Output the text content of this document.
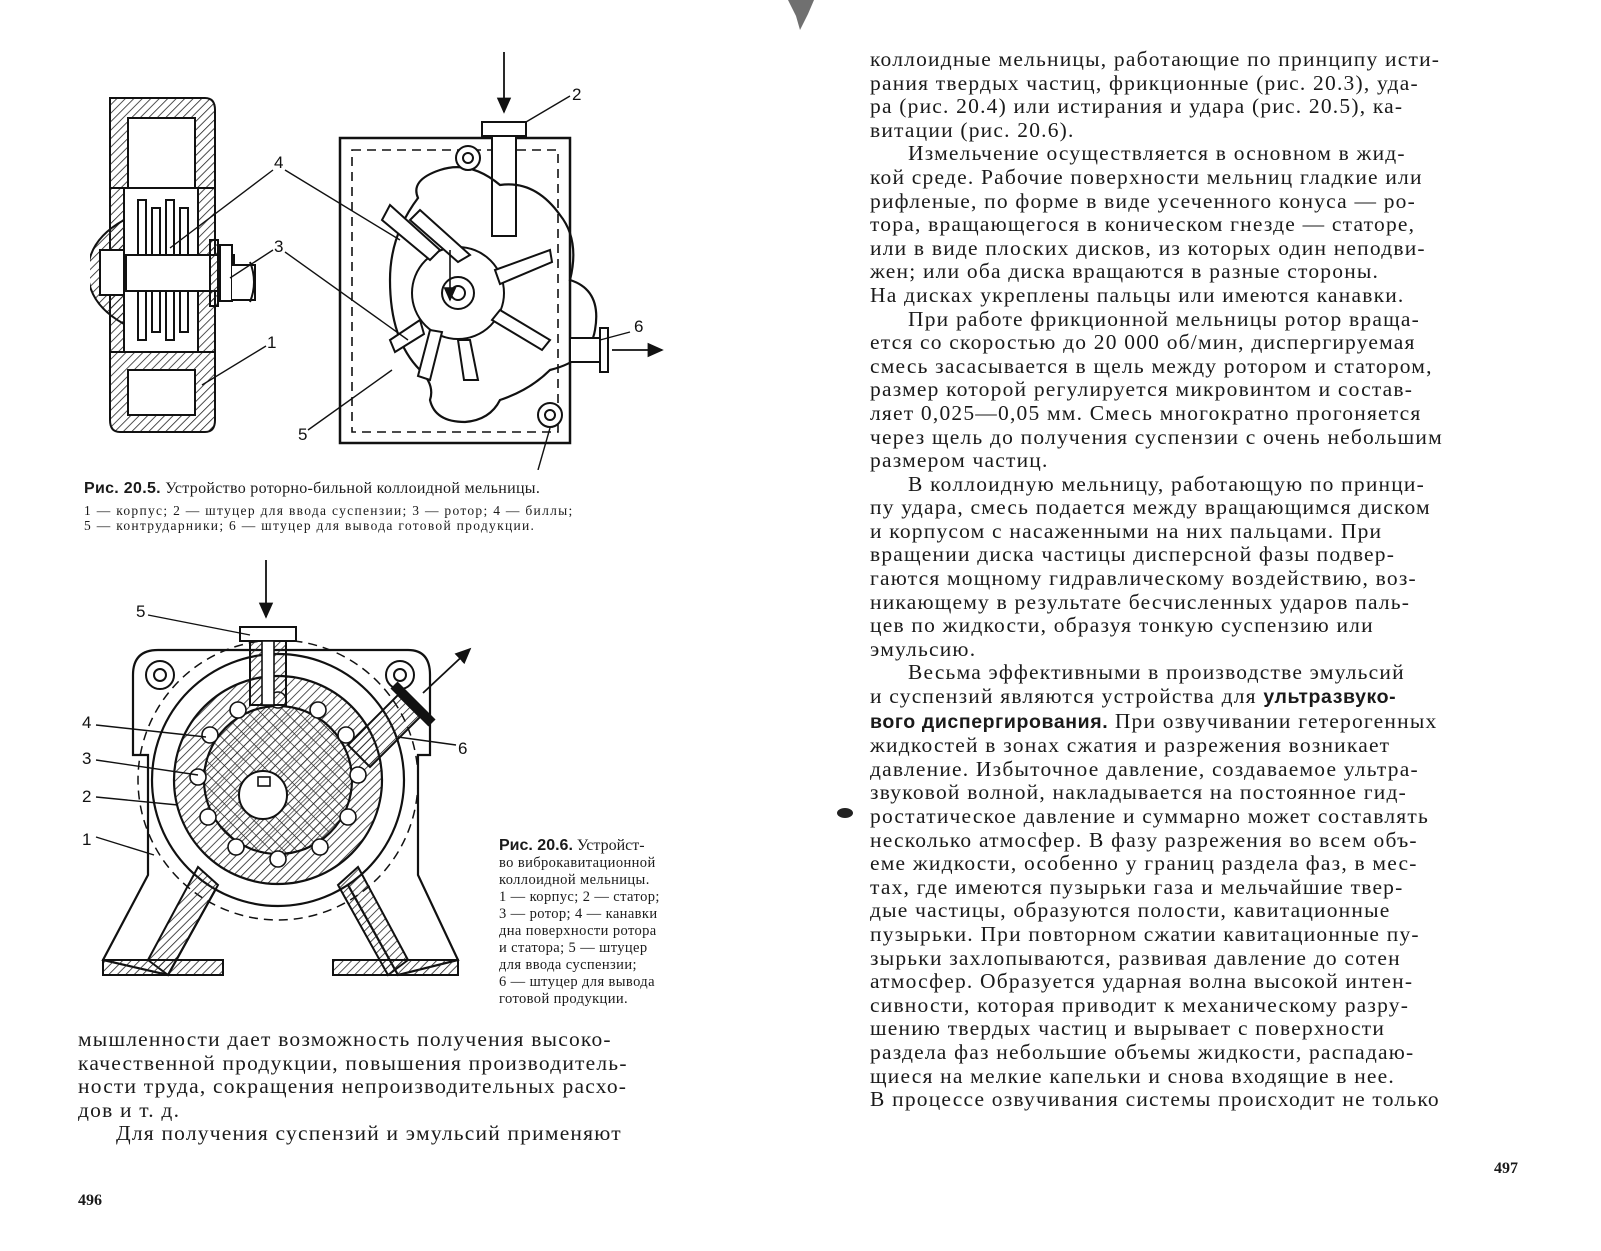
4
3
1
5
2
6
Рис. 20.5. Устройство роторно-бильной коллоидной мельницы.
1 — корпус; 2 — штуцер для ввода суспензии; 3 — ротор; 4 — биллы;
5 — контрударники; 6 — штуцер для вывода готовой продукции.
5
4
3
2
1
6
Рис. 20.6. Устройст-
во виброкавитационной
коллоидной мельницы.
1 — корпус; 2 — статор;
3 — ротор; 4 — канавки
дна поверхности ротора
и статора; 5 — штуцер
для ввода суспензии;
6 — штуцер для вывода
готовой продукции.
мышленности дает возможность получения высоко-
качественной продукции, повышения производитель-
ности труда, сокращения непроизводительных расхо-
дов и т. д.
Для получения суспензий и эмульсий применяют
496
коллоидные мельницы, работающие по принципу исти-
рания твердых частиц, фрикционные (рис. 20.3), уда-
ра (рис. 20.4) или истирания и удара (рис. 20.5), ка-
витации (рис. 20.6).
Измельчение осуществляется в основном в жид-
кой среде. Рабочие поверхности мельниц гладкие или
рифленые, по форме в виде усеченного конуса — ро-
тора, вращающегося в коническом гнезде — статоре,
или в виде плоских дисков, из которых один неподви-
жен; или оба диска вращаются в разные стороны.
На дисках укреплены пальцы или имеются канавки.
При работе фрикционной мельницы ротор враща-
ется со скоростью до 20 000 об/мин, диспергируемая
смесь засасывается в щель между ротором и статором,
размер которой регулируется микровинтом и состав-
ляет 0,025—0,05 мм. Смесь многократно прогоняется
через щель до получения суспензии с очень небольшим
размером частиц.
В коллоидную мельницу, работающую по принци-
пу удара, смесь подается между вращающимся диском
и корпусом с насаженными на них пальцами. При
вращении диска частицы дисперсной фазы подвер-
гаются мощному гидравлическому воздействию, воз-
никающему в результате бесчисленных ударов паль-
цев по жидкости, образуя тонкую суспензию или
эмульсию.
Весьма эффективными в производстве эмульсий
и суспензий являются устройства для ультразвуко-
вого диспергирования. При озвучивании гетерогенных
жидкостей в зонах сжатия и разрежения возникает
давление. Избыточное давление, создаваемое ультра-
звуковой волной, накладывается на постоянное гид-
ростатическое давление и суммарно может составлять
несколько атмосфер. В фазу разрежения во всем объ-
еме жидкости, особенно у границ раздела фаз, в мес-
тах, где имеются пузырьки газа и мельчайшие твер-
дые частицы, образуются полости, кавитационные
пузырьки. При повторном сжатии кавитационные пу-
зырьки захлопываются, развивая давление до сотен
атмосфер. Образуется ударная волна высокой интен-
сивности, которая приводит к механическому разру-
шению твердых частиц и вырывает с поверхности
раздела фаз небольшие объемы жидкости, распадаю-
щиеся на мелкие капельки и снова входящие в нее.
В процессе озвучивания системы происходит не только
497
